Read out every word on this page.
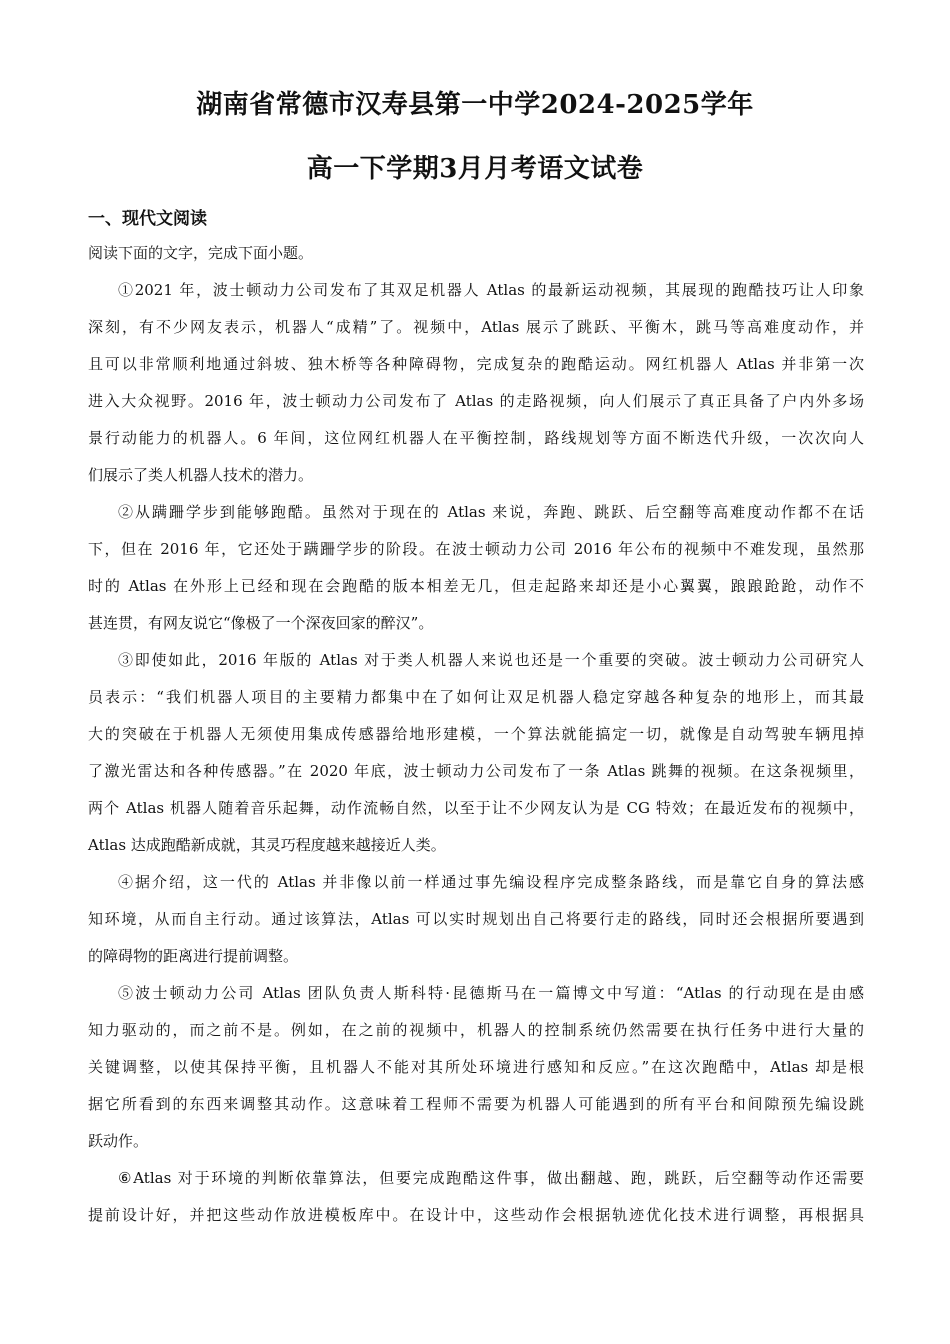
湖南省常德市汉寿县第一中学2024-2025学年
高一下学期3月月考语文试卷
一、现代文阅读
阅读下面的文字，完成下面小题。
①2021 年，波士顿动力公司发布了其双足机器人 Atlas 的最新运动视频，其展现的跑酷技巧让人印象
深刻，有不少网友表示，机器人“成精”了。视频中，Atlas 展示了跳跃、平衡木，跳马等高难度动作，并
且可以非常顺利地通过斜坡、独木桥等各种障碍物，完成复杂的跑酷运动。网红机器人 Atlas 并非第一次
进入大众视野。2016 年，波士顿动力公司发布了 Atlas 的走路视频，向人们展示了真正具备了户内外多场
景行动能力的机器人。6 年间，这位网红机器人在平衡控制，路线规划等方面不断迭代升级，一次次向人
们展示了类人机器人技术的潜力。
②从蹒跚学步到能够跑酷。虽然对于现在的 Atlas 来说，奔跑、跳跃、后空翻等高难度动作都不在话
下，但在 2016 年，它还处于蹒跚学步的阶段。在波士顿动力公司 2016 年公布的视频中不难发现，虽然那
时的 Atlas 在外形上已经和现在会跑酷的版本相差无几，但走起路来却还是小心翼翼，踉踉跄跄，动作不
甚连贯，有网友说它“像极了一个深夜回家的醉汉”。
③即使如此，2016 年版的 Atlas 对于类人机器人来说也还是一个重要的突破。波士顿动力公司研究人
员表示：“我们机器人项目的主要精力都集中在了如何让双足机器人稳定穿越各种复杂的地形上，而其最
大的突破在于机器人无须使用集成传感器给地形建模，一个算法就能搞定一切，就像是自动驾驶车辆甩掉
了激光雷达和各种传感器。”在 2020 年底，波士顿动力公司发布了一条 Atlas 跳舞的视频。在这条视频里，
两个 Atlas 机器人随着音乐起舞，动作流畅自然，以至于让不少网友认为是 CG 特效；在最近发布的视频中，
Atlas 达成跑酷新成就，其灵巧程度越来越接近人类。
④据介绍，这一代的 Atlas 并非像以前一样通过事先编设程序完成整条路线，而是靠它自身的算法感
知环境，从而自主行动。通过该算法，Atlas 可以实时规划出自己将要行走的路线，同时还会根据所要遇到
的障碍物的距离进行提前调整。
⑤波士顿动力公司 Atlas 团队负责人斯科特·昆德斯马在一篇博文中写道：“Atlas 的行动现在是由感
知力驱动的，而之前不是。例如，在之前的视频中，机器人的控制系统仍然需要在执行任务中进行大量的
关键调整，以使其保持平衡，且机器人不能对其所处环境进行感知和反应。”在这次跑酷中，Atlas 却是根
据它所看到的东西来调整其动作。这意味着工程师不需要为机器人可能遇到的所有平台和间隙预先编设跳
跃动作。
⑥Atlas 对于环境的判断依靠算法，但要完成跑酷这件事，做出翻越、跑，跳跃，后空翻等动作还需要
提前设计好，并把这些动作放进模板库中。在设计中，这些动作会根据轨迹优化技术进行调整，再根据具
